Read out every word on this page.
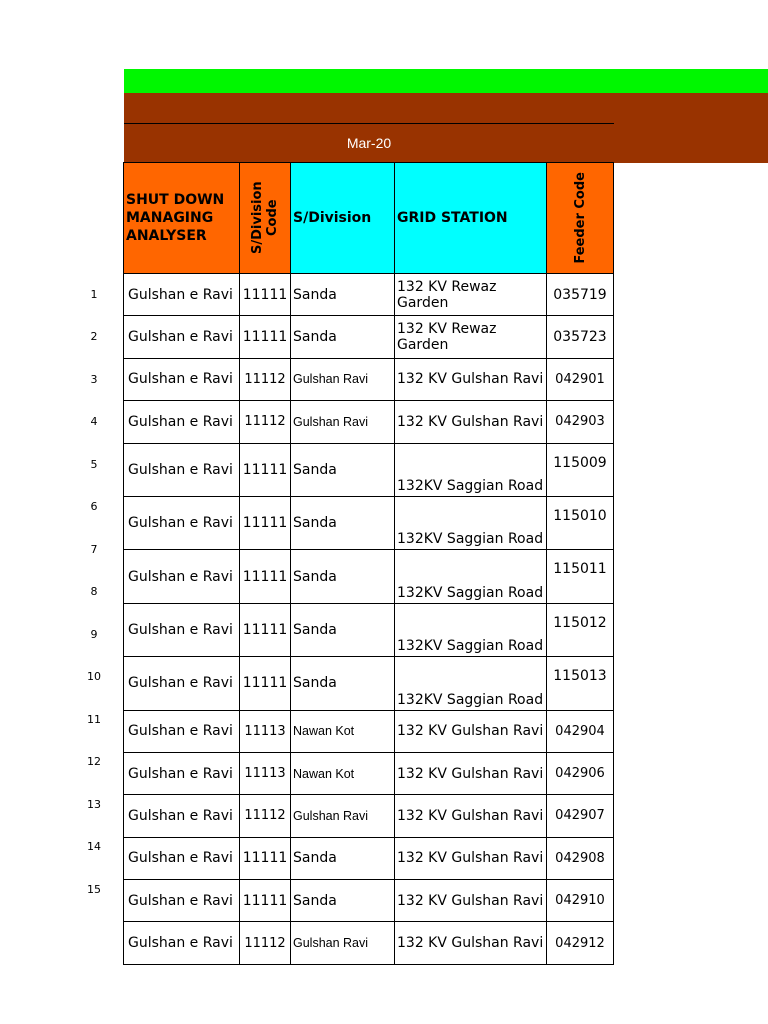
Mar-20
SHUT DOWN MANAGING ANALYSER	S/Division Code	S/Division	GRID STATION	Feeder Code

Gulshan e Ravi	11111	Sanda	132 KV Rewaz Garden	035719
Gulshan e Ravi	11111	Sanda	132 KV Rewaz Garden	035723
Gulshan e Ravi	11112	Gulshan Ravi	132 KV Gulshan Ravi	042901
Gulshan e Ravi	11112	Gulshan Ravi	132 KV Gulshan Ravi	042903
Gulshan e Ravi	11111	Sanda	132KV Saggian Road	115009
Gulshan e Ravi	11111	Sanda	132KV Saggian Road	115010
Gulshan e Ravi	11111	Sanda	132KV Saggian Road	115011
Gulshan e Ravi	11111	Sanda	132KV Saggian Road	115012
Gulshan e Ravi	11111	Sanda	132KV Saggian Road	115013
Gulshan e Ravi	11113	Nawan Kot	132 KV Gulshan Ravi	042904
Gulshan e Ravi	11113	Nawan Kot	132 KV Gulshan Ravi	042906
Gulshan e Ravi	11112	Gulshan Ravi	132 KV Gulshan Ravi	042907
Gulshan e Ravi	11111	Sanda	132 KV Gulshan Ravi	042908
Gulshan e Ravi	11111	Sanda	132 KV Gulshan Ravi	042910
Gulshan e Ravi	11112	Gulshan Ravi	132 KV Gulshan Ravi	042912
1
2
3
4
5
6
7
8
9
10
11
12
13
14
15
